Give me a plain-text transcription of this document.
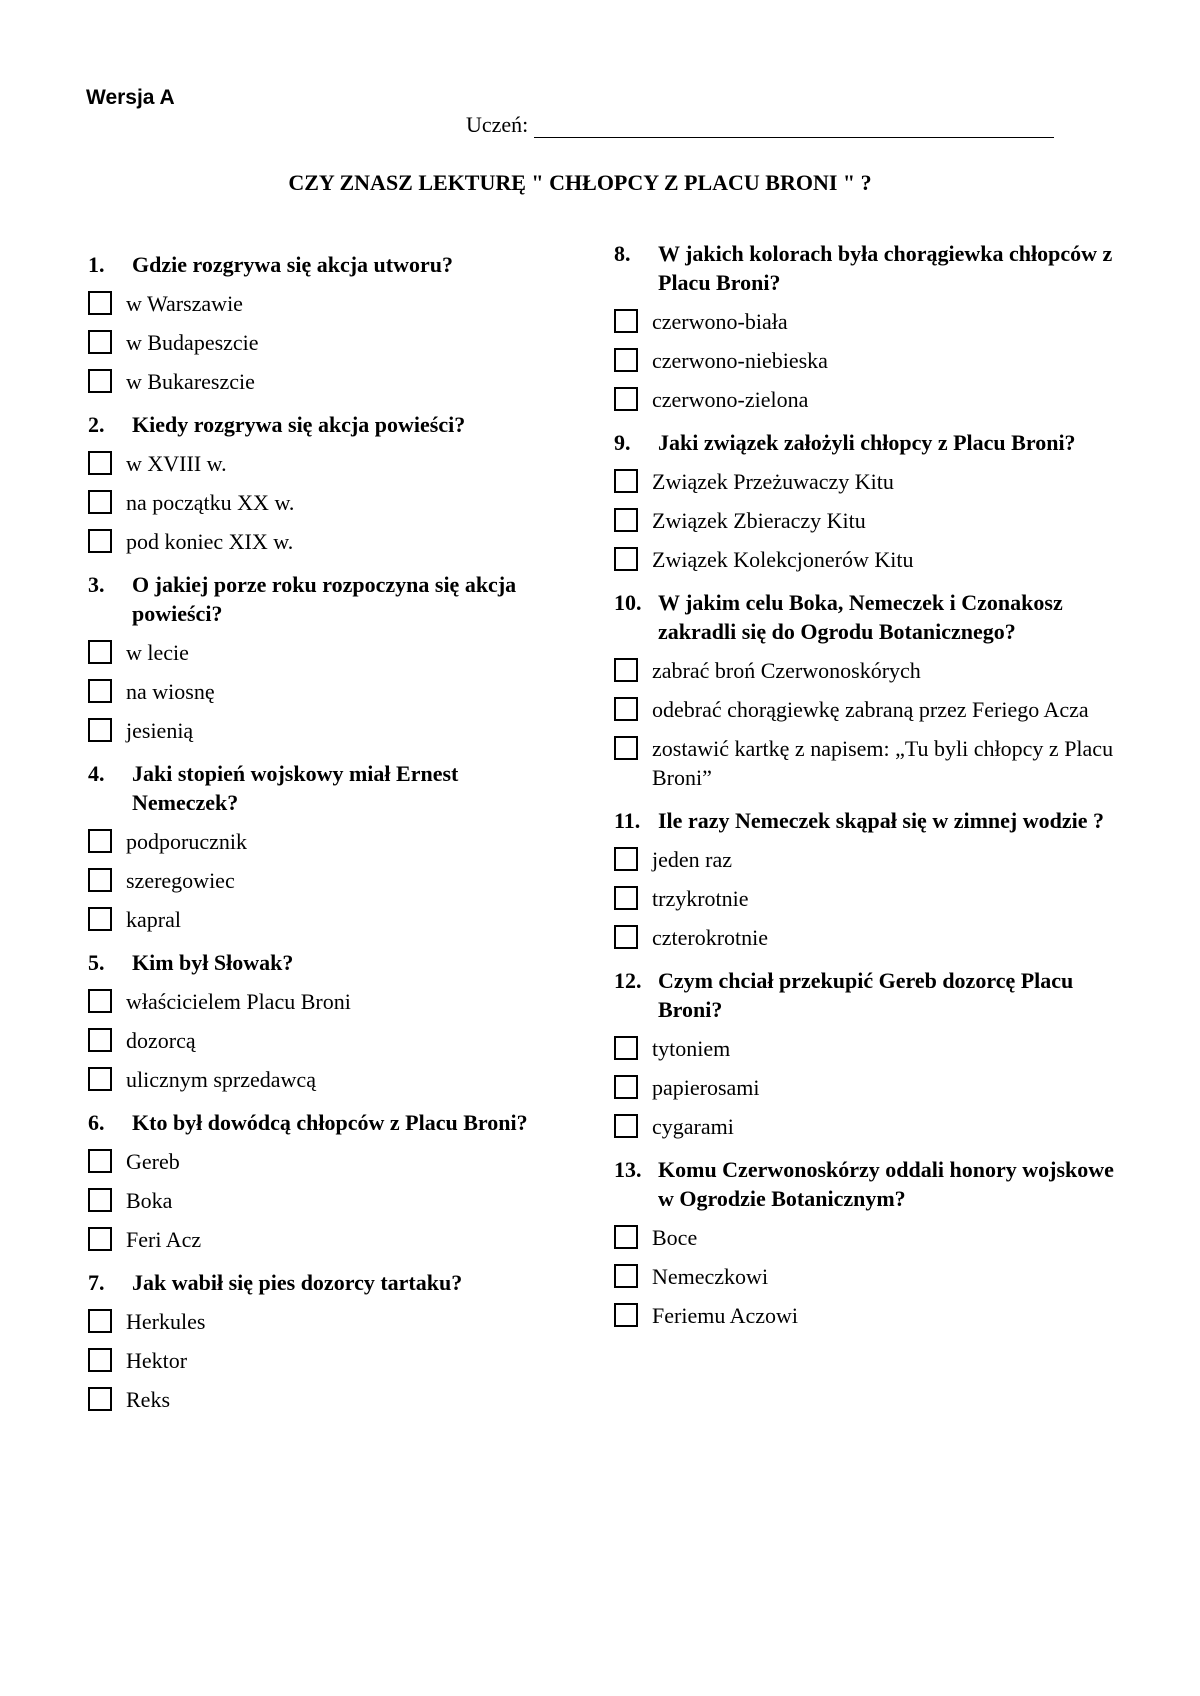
Wersja A
Uczeń:
CZY ZNASZ LEKTURĘ " CHŁOPCY Z PLACU BRONI " ?
1.	Gdzie rozgrywa się akcja utworu?
w Warszawie
w Budapeszcie
w Bukareszcie
2.	Kiedy rozgrywa się akcja powieści?
w XVIII w.
na początku XX w.
pod koniec XIX w.
3.	O jakiej porze roku rozpoczyna się akcja powieści?
w lecie
na wiosnę
jesienią
4.	Jaki stopień wojskowy miał Ernest Nemeczek?
podporucznik
szeregowiec
kapral
5.	Kim był Słowak?
właścicielem Placu Broni
dozorcą
ulicznym sprzedawcą
6.	Kto był dowódcą chłopców z Placu Broni?
Gereb
Boka
Feri Acz
7.	Jak wabił się pies dozorcy tartaku?
Herkules
Hektor
Reks
8.	W jakich kolorach była chorągiewka chłopców z Placu Broni?
czerwono-biała
czerwono-niebieska
czerwono-zielona
9.	Jaki związek założyli chłopcy z Placu Broni?
Związek Przeżuwaczy Kitu
Związek Zbieraczy Kitu
Związek Kolekcjonerów Kitu
10. W jakim celu Boka, Nemeczek i Czonakosz zakradli się do Ogrodu Botanicznego?
zabrać broń Czerwonoskórych
odebrać chorągiewkę zabraną przez Feriego Acza
zostawić kartkę z napisem: „Tu byli chłopcy z Placu Broni”
11. Ile razy Nemeczek skąpał się w zimnej wodzie ?
jeden raz
trzykrotnie
czterokrotnie
12. Czym chciał przekupić Gereb dozorcę Placu Broni?
tytoniem
papierosami
cygarami
13. Komu Czerwonoskórzy oddali honory wojskowe w Ogrodzie Botanicznym?
Boce
Nemeczkowi
Feriemu Aczowi
